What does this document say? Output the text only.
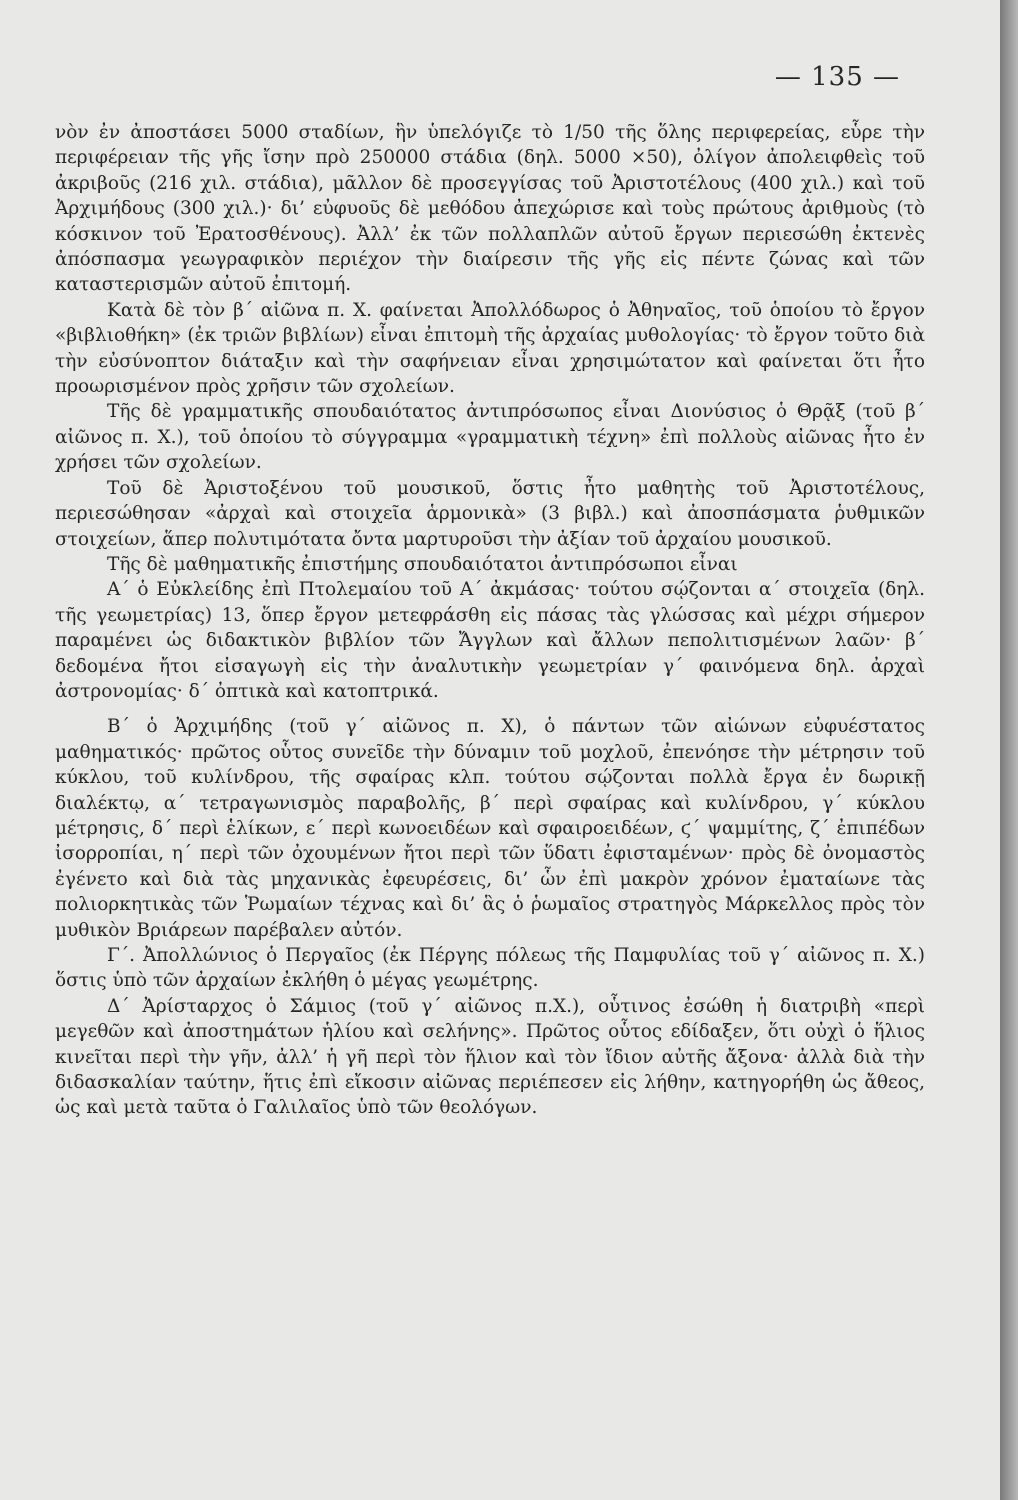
— 135 —

νὸν ἐν ἀποστάσει 5000 σταδίων, ἣν ὑπελόγιζε τὸ 1/50 τῆς ὅλης περιφερείας, εὗρε τὴν περιφέρειαν τῆς γῆς ἴσην πρὸ 250000 στάδια (δηλ. 5000 ×50), ὀλίγον ἀπολειφθεὶς τοῦ ἀκριβοῦς (216 χιλ. στάδια), μᾶλλον δὲ προσεγγίσας τοῦ Ἀριστοτέλους (400 χιλ.) καὶ τοῦ Ἀρχιμήδους (300 χιλ.)· δι’ εὐφυοῦς δὲ μεθόδου ἀπεχώρισε καὶ τοὺς πρώτους ἀριθμοὺς (τὸ κόσκινον τοῦ Ἐρατοσθένους). Ἀλλ’ ἐκ τῶν πολλαπλῶν αὐτοῦ ἔργων περιεσώθη ἐκτενὲς ἀπόσπασμα γεωγραφικὸν περιέχον τὴν διαίρεσιν τῆς γῆς εἰς πέντε ζώνας καὶ τῶν καταστερισμῶν αὐτοῦ ἐπιτομή.

Κατὰ δὲ τὸν β´ αἰῶνα π. Χ. φαίνεται Ἀπολλόδωρος ὁ Ἀθηναῖος, τοῦ ὁποίου τὸ ἔργον «βιβλιοθήκη» (ἐκ τριῶν βιβλίων) εἶναι ἐπιτομὴ τῆς ἀρχαίας μυθολογίας· τὸ ἔργον τοῦτο διὰ τὴν εὐσύνοπτον διάταξιν καὶ τὴν σαφήνειαν εἶναι χρησιμώτατον καὶ φαίνεται ὅτι ἦτο προωρισμένον πρὸς χρῆσιν τῶν σχολείων.

Τῆς δὲ γραμματικῆς σπουδαιότατος ἀντιπρόσωπος εἶναι Διονύσιος ὁ Θρᾷξ (τοῦ β´ αἰῶνος π. Χ.), τοῦ ὁποίου τὸ σύγγραμμα «γραμματικὴ τέχνη» ἐπὶ πολλοὺς αἰῶνας ἦτο ἐν χρήσει τῶν σχολείων.

Τοῦ δὲ Ἀριστοξένου τοῦ μουσικοῦ, ὅστις ἦτο μαθητὴς τοῦ Ἀριστοτέλους, περιεσώθησαν «ἀρχαὶ καὶ στοιχεῖα ἁρμονικὰ» (3 βιβλ.) καὶ ἀποσπάσματα ῥυθμικῶν στοιχείων, ἅπερ πολυτιμότατα ὄντα μαρτυροῦσι τὴν ἀξίαν τοῦ ἀρχαίου μουσικοῦ.

Τῆς δὲ μαθηματικῆς ἐπιστήμης σπουδαιότατοι ἀντιπρόσωποι εἶναι

Α´ ὁ Εὐκλείδης ἐπὶ Πτολεμαίου τοῦ Α´ ἀκμάσας· τούτου σῴζονται α´ στοιχεῖα (δηλ. τῆς γεωμετρίας) 13, ὅπερ ἔργον μετεφράσθη εἰς πάσας τὰς γλώσσας καὶ μέχρι σήμερον παραμένει ὡς διδακτικὸν βιβλίον τῶν Ἄγγλων καὶ ἄλλων πεπολιτισμένων λαῶν· β´ δεδομένα ἤτοι εἰσαγωγὴ εἰς τὴν ἀναλυτικὴν γεωμετρίαν γ´ φαινόμενα δηλ. ἀρχαὶ ἀστρονομίας· δ´ ὀπτικὰ καὶ κατοπτρικά.

Β´ ὁ Ἀρχιμήδης (τοῦ γ´ αἰῶνος π. Χ), ὁ πάντων τῶν αἰώνων εὐφυέστατος μαθηματικός· πρῶτος οὗτος συνεῖδε τὴν δύναμιν τοῦ μοχλοῦ, ἐπενόησε τὴν μέτρησιν τοῦ κύκλου, τοῦ κυλίνδρου, τῆς σφαίρας κλπ. τούτου σῴζονται πολλὰ ἔργα ἐν δωρικῇ διαλέκτῳ, α´ τετραγωνισμὸς παραβολῆς, β´ περὶ σφαίρας καὶ κυλίνδρου, γ´ κύκλου μέτρησις, δ´ περὶ ἑλίκων, ε´ περὶ κωνοειδέων καὶ σφαιροειδέων, ϛ´ ψαμμίτης, ζ´ ἐπιπέδων ἰσορροπίαι, η´ περὶ τῶν ὀχουμένων ἤτοι περὶ τῶν ὕδατι ἐφισταμένων· πρὸς δὲ ὀνομαστὸς ἐγένετο καὶ διὰ τὰς μηχανικὰς ἐφευρέσεις, δι’ ὧν ἐπὶ μακρὸν χρόνον ἐματαίωνε τὰς πολιορκητικὰς τῶν Ῥωμαίων τέχνας καὶ δι’ ἃς ὁ ῥωμαῖος στρατηγὸς Μάρκελλος πρὸς τὸν μυθικὸν Βριάρεων παρέβαλεν αὐτόν.

Γ´. Ἀπολλώνιος ὁ Περγαῖος (ἐκ Πέργης πόλεως τῆς Παμφυλίας τοῦ γ´ αἰῶνος π. Χ.) ὅστις ὑπὸ τῶν ἀρχαίων ἐκλήθη ὁ μέγας γεωμέτρης.

Δ´ Ἀρίσταρχος ὁ Σάμιος (τοῦ γ´ αἰῶνος π.Χ.), οὗτινος ἐσώθη ἡ διατριβὴ «περὶ μεγεθῶν καὶ ἀποστημάτων ἡλίου καὶ σελήνης». Πρῶτος οὗτος εδίδαξεν, ὅτι οὐχὶ ὁ ἥλιος κινεῖται περὶ τὴν γῆν, ἀλλ’ ἡ γῆ περὶ τὸν ἥλιον καὶ τὸν ἴδιον αὐτῆς ἄξονα· ἀλλὰ διὰ τὴν διδασκαλίαν ταύτην, ἥτις ἐπὶ εἴκοσιν αἰῶνας περιέπεσεν εἰς λήθην, κατηγορήθη ὡς ἄθεος, ὡς καὶ μετὰ ταῦτα ὁ Γαλιλαῖος ὑπὸ τῶν θεολόγων.
